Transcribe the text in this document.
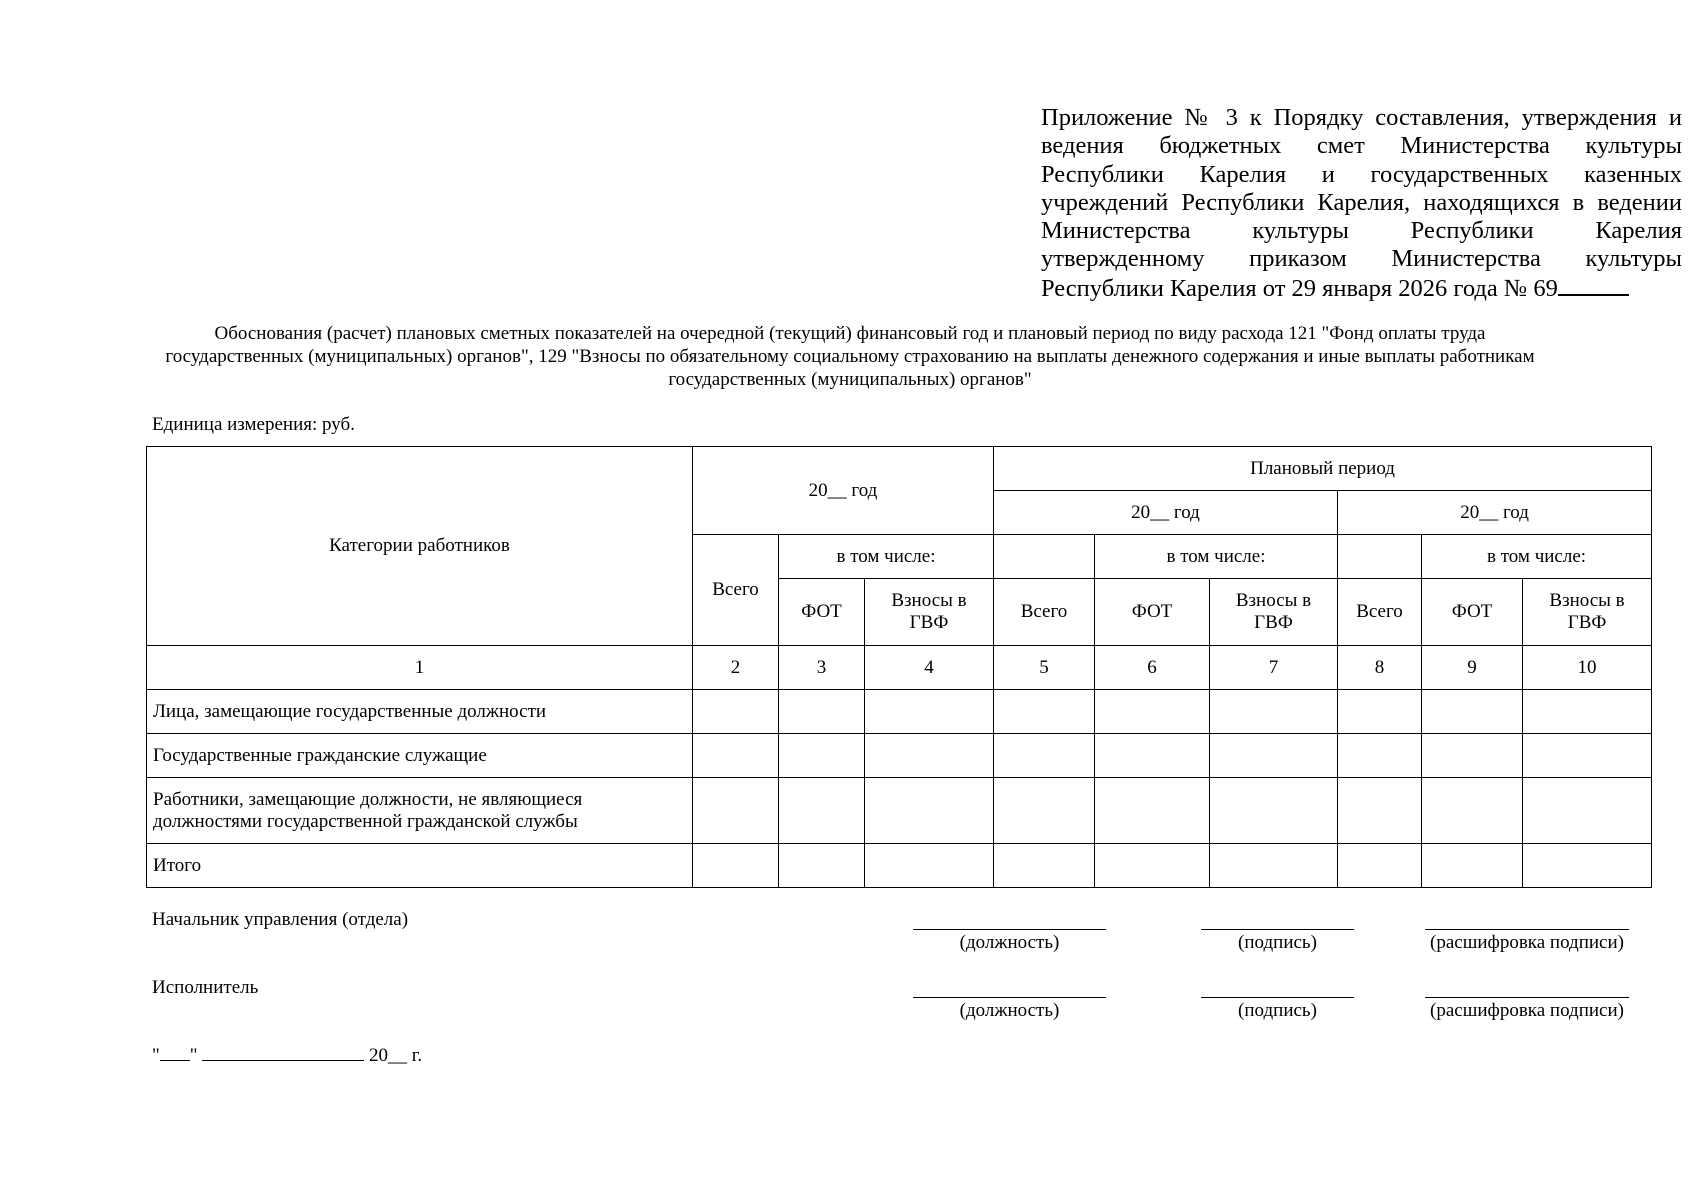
Приложение № 3 к Порядку составления, утверждения и ведения бюджетных смет Министерства культуры Республики Карелия и государственных казенных учреждений Республики Карелия, находящихся в ведении Министерства культуры Республики Карелия утвержденному приказом Министерства культуры Республики Карелия от 29 января 2026 года № 69
Обоснования (расчет) плановых сметных показателей на очередной (текущий) финансовый год и плановый период по виду расхода 121 "Фонд оплаты труда
государственных (муниципальных) органов", 129 "Взносы по обязательному социальному страхованию на выплаты денежного содержания и иные выплаты работникам
государственных (муниципальных) органов"
Единица измерения: руб.
Категории работников	20__ год			Плановый период					
				20__ год			20__ год		
	Всего	в том числе:			в том числе:			в том числе:	
		ФОТ	Взносы в ГВФ	Всего	ФОТ	Взносы в ГВФ	Всего	ФОТ	Взносы в ГВФ
1	2	3	4	5	6	7	8	9	10
Лица, замещающие государственные должности									
Государственные гражданские служащие									
Работники, замещающие должности, не являющиеся должностями государственной гражданской службы									
Итого									
Начальник управления (отдела)
(должность)	(подпись)	(расшифровка подписи)
Исполнитель
(должность)	(подпись)	(расшифровка подписи)
" "	20__ г.
